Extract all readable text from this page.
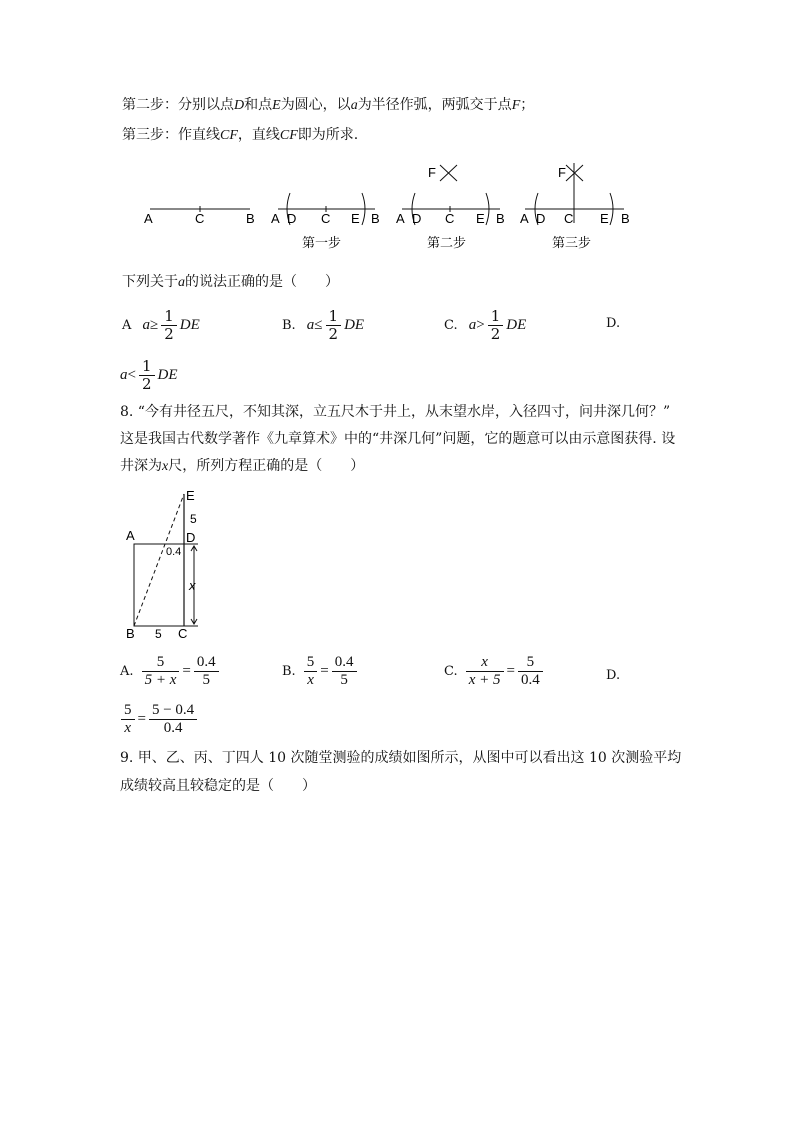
第二步：分别以点D和点E为圆心，以a为半径作弧，两弧交于点F；
第三步：作直线CF，直线CF即为所求.
A	C	B A D C E B
F
A D C E B
F
A D C E B
第一步	第二步	第三步
下列关于a的说法正确的是（　　）
A $a\ge \frac{1}{2}$ DE	B. $a\le \frac{1}{2}$ DE	C. $a> \frac{1}{2}$ DE	D.
$a< \frac{1}{2}$ DE
8. “今有井径五尺，不知其深，立五尺木于井上，从末望水岸，入径四寸，问井深几何？”
这是我国古代数学著作《九章算术》中的“井深几何”问题，它的题意可以由示意图获得. 设
井深为x尺，所列方程正确的是（　　）
E
5
A	D
0.4
x
B 5 C
A. $\frac{5}{5 + x} = \frac{0.4}{5}$	B. $\frac{5}{x} = \frac{0.4}{5}$	C. $\frac{x}{x + 5} = \frac{5}{0.4}$	D.
$\frac{5}{x} = \frac{5 - 0.4}{0.4}$
9. 甲、乙、丙、丁四人 10 次随堂测验的成绩如图所示，从图中可以看出这 10 次测验平均
成绩较高且较稳定的是（　　）
